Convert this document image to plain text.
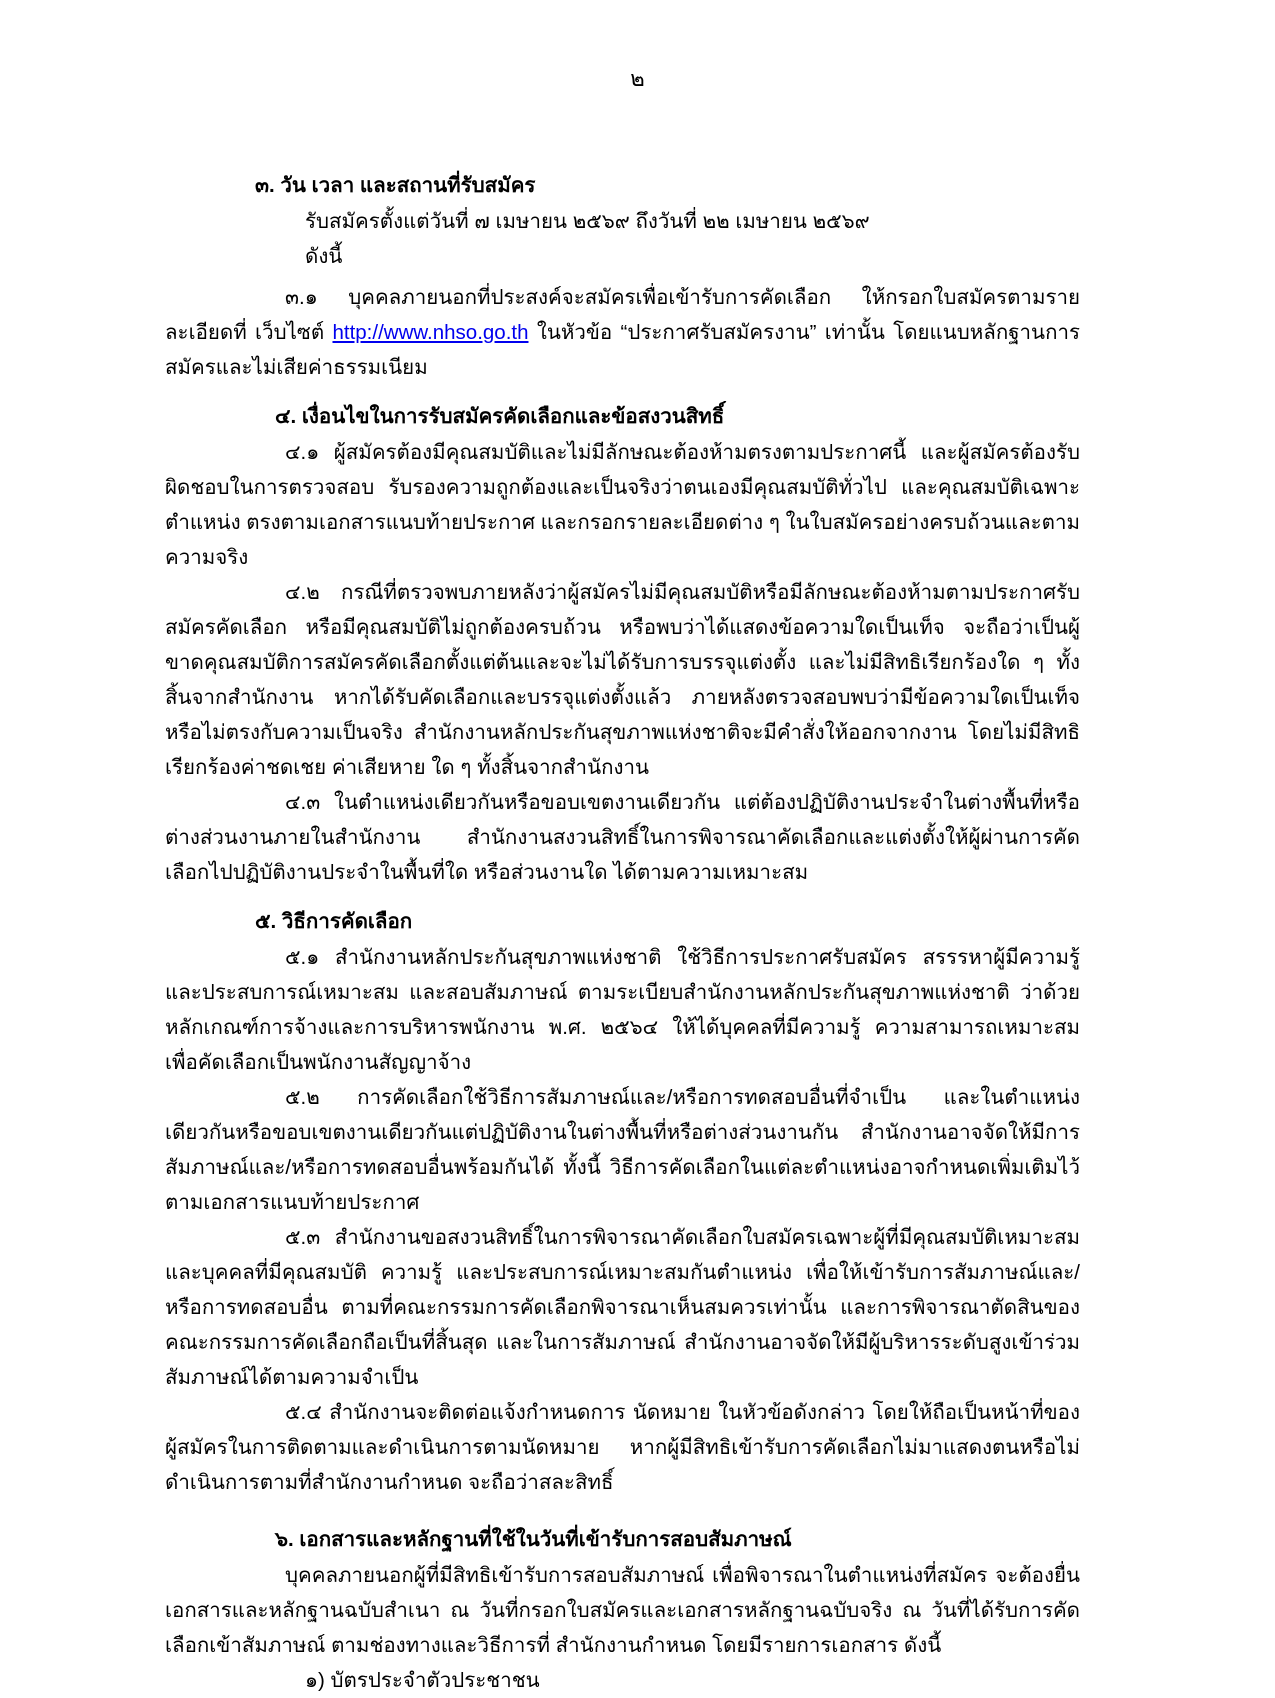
๒
๓. วัน เวลา และสถานที่รับสมัคร

รับสมัครตั้งแต่วันที่ ๗ เมษายน ๒๕๖๙ ถึงวันที่ ๒๒ เมษายน ๒๕๖๙

ดังนี้

๓.๑ บุคคลภายนอกที่ประสงค์จะสมัครเพื่อเข้ารับการคัดเลือก ให้กรอกใบสมัครตามรายละเอียดที่ เว็บไซต์ http://www.nhso.go.th ในหัวข้อ “ประกาศรับสมัครงาน” เท่านั้น โดยแนบหลักฐานการสมัครและไม่เสียค่าธรรมเนียม

๔. เงื่อนไขในการรับสมัครคัดเลือกและข้อสงวนสิทธิ์

๔.๑ ผู้สมัครต้องมีคุณสมบัติและไม่มีลักษณะต้องห้ามตรงตามประกาศนี้ และผู้สมัครต้องรับผิดชอบในการตรวจสอบ รับรองความถูกต้องและเป็นจริงว่าตนเองมีคุณสมบัติทั่วไป และคุณสมบัติเฉพาะตำแหน่ง ตรงตามเอกสารแนบท้ายประกาศ และกรอกรายละเอียดต่าง ๆ ในใบสมัครอย่างครบถ้วนและตามความจริง

๔.๒ กรณีที่ตรวจพบภายหลังว่าผู้สมัครไม่มีคุณสมบัติหรือมีลักษณะต้องห้ามตามประกาศรับสมัครคัดเลือก หรือมีคุณสมบัติไม่ถูกต้องครบถ้วน หรือพบว่าได้แสดงข้อความใดเป็นเท็จ จะถือว่าเป็นผู้ขาดคุณสมบัติการสมัครคัดเลือกตั้งแต่ต้นและจะไม่ได้รับการบรรจุแต่งตั้ง และไม่มีสิทธิเรียกร้องใด ๆ ทั้งสิ้นจากสำนักงาน หากได้รับคัดเลือกและบรรจุแต่งตั้งแล้ว ภายหลังตรวจสอบพบว่ามีข้อความใดเป็นเท็จหรือไม่ตรงกับความเป็นจริง สำนักงานหลักประกันสุขภาพแห่งชาติจะมีคำสั่งให้ออกจากงาน โดยไม่มีสิทธิเรียกร้องค่าชดเชย ค่าเสียหาย ใด ๆ ทั้งสิ้นจากสำนักงาน

๔.๓ ในตำแหน่งเดียวกันหรือขอบเขตงานเดียวกัน แต่ต้องปฏิบัติงานประจำในต่างพื้นที่หรือต่างส่วนงานภายในสำนักงาน สำนักงานสงวนสิทธิ์ในการพิจารณาคัดเลือกและแต่งตั้งให้ผู้ผ่านการคัดเลือกไปปฏิบัติงานประจำในพื้นที่ใด หรือส่วนงานใด ได้ตามความเหมาะสม

๕. วิธีการคัดเลือก

๕.๑ สำนักงานหลักประกันสุขภาพแห่งชาติ ใช้วิธีการประกาศรับสมัคร สรรรหาผู้มีความรู้และประสบการณ์เหมาะสม และสอบสัมภาษณ์ ตามระเบียบสำนักงานหลักประกันสุขภาพแห่งชาติ ว่าด้วยหลักเกณฑ์การจ้างและการบริหารพนักงาน พ.ศ. ๒๕๖๔ ให้ได้บุคคลที่มีความรู้ ความสามารถเหมาะสม เพื่อคัดเลือกเป็นพนักงานสัญญาจ้าง

๕.๒ การคัดเลือกใช้วิธีการสัมภาษณ์และ/หรือการทดสอบอื่นที่จำเป็น และในตำแหน่งเดียวกันหรือขอบเขตงานเดียวกันแต่ปฏิบัติงานในต่างพื้นที่หรือต่างส่วนงานกัน สำนักงานอาจจัดให้มีการสัมภาษณ์และ/หรือการทดสอบอื่นพร้อมกันได้ ทั้งนี้ วิธีการคัดเลือกในแต่ละตำแหน่งอาจกำหนดเพิ่มเติมไว้ตามเอกสารแนบท้ายประกาศ

๕.๓ สำนักงานขอสงวนสิทธิ์ในการพิจารณาคัดเลือกใบสมัครเฉพาะผู้ที่มีคุณสมบัติเหมาะสมและบุคคลที่มีคุณสมบัติ ความรู้ และประสบการณ์เหมาะสมกันตำแหน่ง เพื่อให้เข้ารับการสัมภาษณ์และ/หรือการทดสอบอื่น ตามที่คณะกรรมการคัดเลือกพิจารณาเห็นสมควรเท่านั้น และการพิจารณาตัดสินของคณะกรรมการคัดเลือกถือเป็นที่สิ้นสุด และในการสัมภาษณ์ สำนักงานอาจจัดให้มีผู้บริหารระดับสูงเข้าร่วมสัมภาษณ์ได้ตามความจำเป็น

๕.๔ สำนักงานจะติดต่อแจ้งกำหนดการ นัดหมาย ในหัวข้อดังกล่าว โดยให้ถือเป็นหน้าที่ของผู้สมัครในการติดตามและดำเนินการตามนัดหมาย หากผู้มีสิทธิเข้ารับการคัดเลือกไม่มาแสดงตนหรือไม่ดำเนินการตามที่สำนักงานกำหนด จะถือว่าสละสิทธิ์

๖. เอกสารและหลักฐานที่ใช้ในวันที่เข้ารับการสอบสัมภาษณ์

บุคคลภายนอกผู้ที่มีสิทธิเข้ารับการสอบสัมภาษณ์ เพื่อพิจารณาในตำแหน่งที่สมัคร จะต้องยื่นเอกสารและหลักฐานฉบับสำเนา ณ วันที่กรอกใบสมัครและเอกสารหลักฐานฉบับจริง ณ วันที่ได้รับการคัดเลือกเข้าสัมภาษณ์ ตามช่องทางและวิธีการที่ สำนักงานกำหนด โดยมีรายการเอกสาร ดังนี้

๑) บัตรประจำตัวประชาชน
